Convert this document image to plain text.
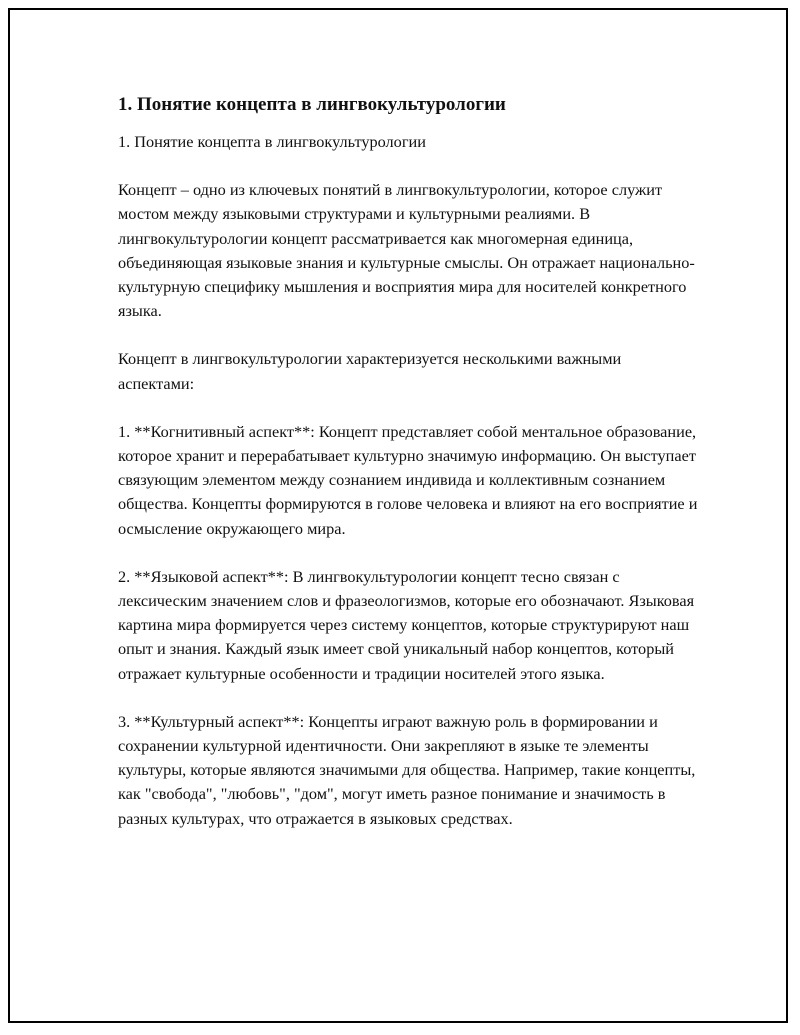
1. Понятие концепта в лингвокультурологии

1. Понятие концепта в лингвокультурологии

Концепт – одно из ключевых понятий в лингвокультурологии, которое служит мостом между языковыми структурами и культурными реалиями. В лингвокультурологии концепт рассматривается как многомерная единица, объединяющая языковые знания и культурные смыслы. Он отражает национально-культурную специфику мышления и восприятия мира для носителей конкретного языка.

Концепт в лингвокультурологии характеризуется несколькими важными аспектами:

1. **Когнитивный аспект**: Концепт представляет собой ментальное образование, которое хранит и перерабатывает культурно значимую информацию. Он выступает связующим элементом между сознанием индивида и коллективным сознанием общества. Концепты формируются в голове человека и влияют на его восприятие и осмысление окружающего мира.

2. **Языковой аспект**: В лингвокультурологии концепт тесно связан с лексическим значением слов и фразеологизмов, которые его обозначают. Языковая картина мира формируется через систему концептов, которые структурируют наш опыт и знания. Каждый язык имеет свой уникальный набор концептов, который отражает культурные особенности и традиции носителей этого языка.

3. **Культурный аспект**: Концепты играют важную роль в формировании и сохранении культурной идентичности. Они закрепляют в языке те элементы культуры, которые являются значимыми для общества. Например, такие концепты, как "свобода", "любовь", "дом", могут иметь разное понимание и значимость в разных культурах, что отражается в языковых средствах.
